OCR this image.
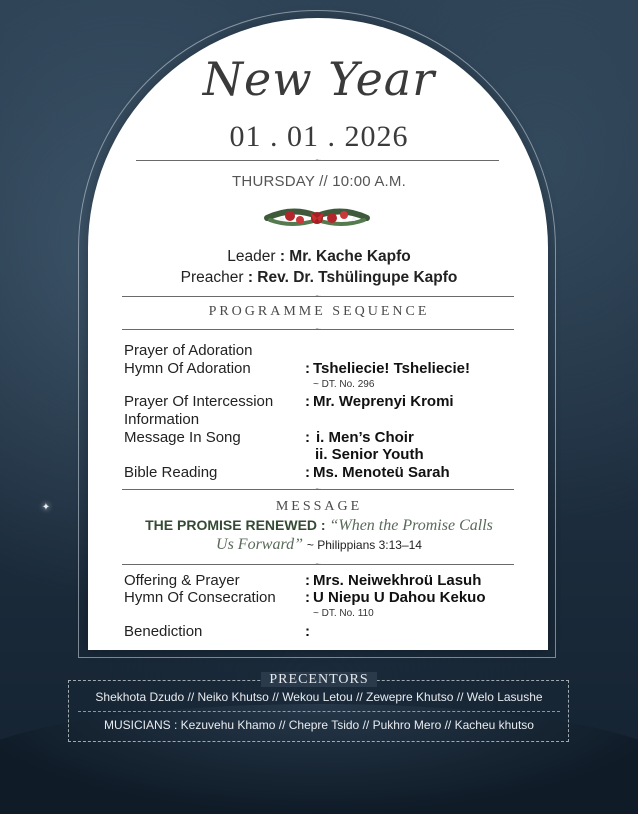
✦
New Year
01 . 01 . 2026
~
THURSDAY // 10:00 A.M.
Leader : Mr. Kache Kapfo
Preacher : Rev. Dr. Tshülingupe Kapfo
~
PROGRAMME SEQUENCE
~
Prayer of Adoration
Hymn Of Adoration	: Tsheliecie! Tsheliecie!
~ DT. No. 296
Prayer Of Intercession : Mr. Weprenyi Kromi
Information
Message In Song	: i. Men’s Choir
ii. Senior Youth
Bible Reading	: Ms. Menoteü Sarah
~
MESSAGE
THE PROMISE RENEWED : “When the Promise Calls
Us Forward” ~ Philippians 3:13–14
~
Offering & Prayer	: Mrs. Neiwekhroü Lasuh
Hymn Of Consecration : U Niepu U Dahou Kekuo
~ DT. No. 110
Benediction	:
PRECENTORS
Shekhota Dzudo // Neiko Khutso // Wekou Letou // Zewepre Khutso // Welo Lasushe
MUSICIANS : Kezuvehu Khamo // Chepre Tsido // Pukhro Mero // Kacheu khutso
